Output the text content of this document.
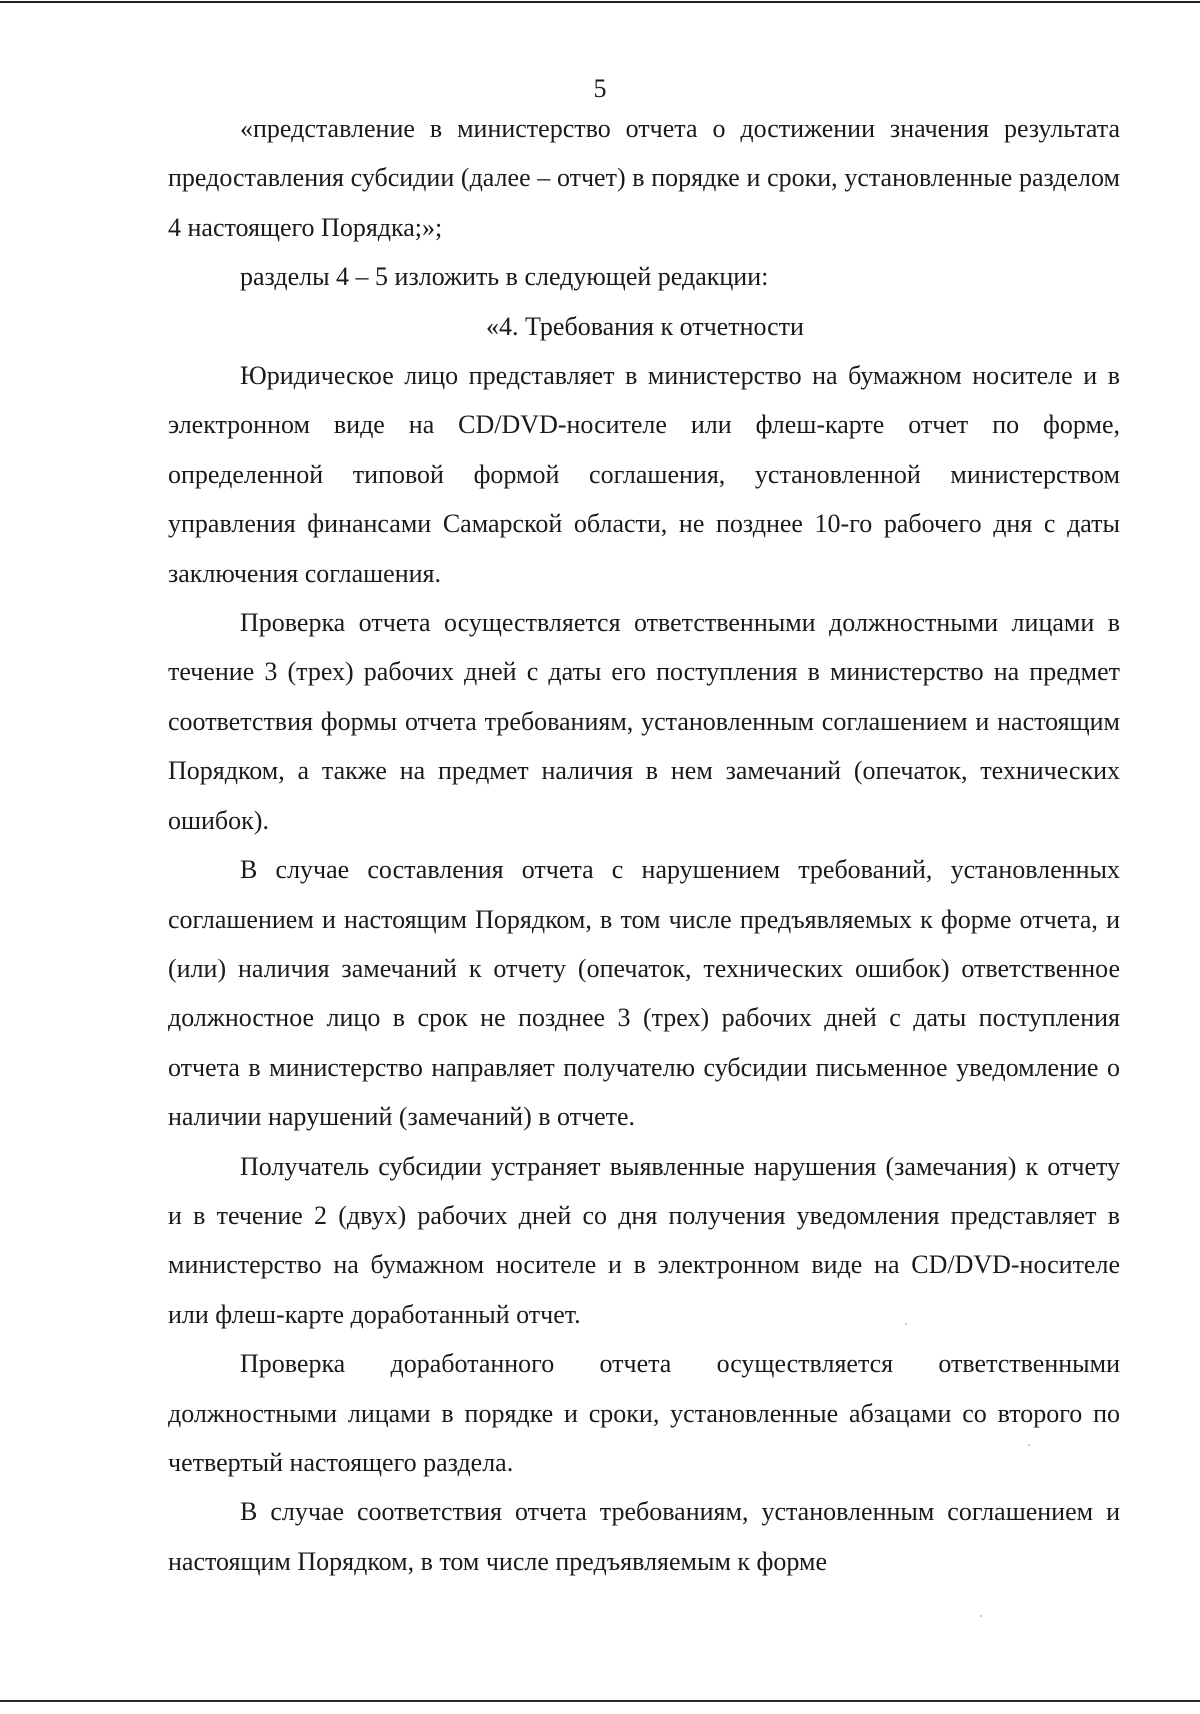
5

«представление в министерство отчета о достижении значения результата предоставления субсидии (далее – отчет) в порядке и сроки, установленные разделом 4 настоящего Порядка;»;

разделы 4 – 5 изложить в следующей редакции:

«4. Требования к отчетности

Юридическое лицо представляет в министерство на бумажном носителе и в электронном виде на CD/DVD-носителе или флеш-карте отчет по форме, определенной типовой формой соглашения, установленной министерством управления финансами Самарской области, не позднее 10-го рабочего дня с даты заключения соглашения.

Проверка отчета осуществляется ответственными должностными лицами в течение 3 (трех) рабочих дней с даты его поступления в министерство на предмет соответствия формы отчета требованиям, установленным соглашением и настоящим Порядком, а также на предмет наличия в нем замечаний (опечаток, технических ошибок).

В случае составления отчета с нарушением требований, установленных соглашением и настоящим Порядком, в том числе предъявляемых к форме отчета, и (или) наличия замечаний к отчету (опечаток, технических ошибок) ответственное должностное лицо в срок не позднее 3 (трех) рабочих дней с даты поступления отчета в министерство направляет получателю субсидии письменное уведомление о наличии нарушений (замечаний) в отчете.

Получатель субсидии устраняет выявленные нарушения (замечания) к отчету и в течение 2 (двух) рабочих дней со дня получения уведомления представляет в министерство на бумажном носителе и в электронном виде на CD/DVD-носителе или флеш-карте доработанный отчет.

Проверка доработанного отчета осуществляется ответственными должностными лицами в порядке и сроки, установленные абзацами со второго по четвертый настоящего раздела.

В случае соответствия отчета требованиям, установленным соглашением и настоящим Порядком, в том числе предъявляемым к форме
